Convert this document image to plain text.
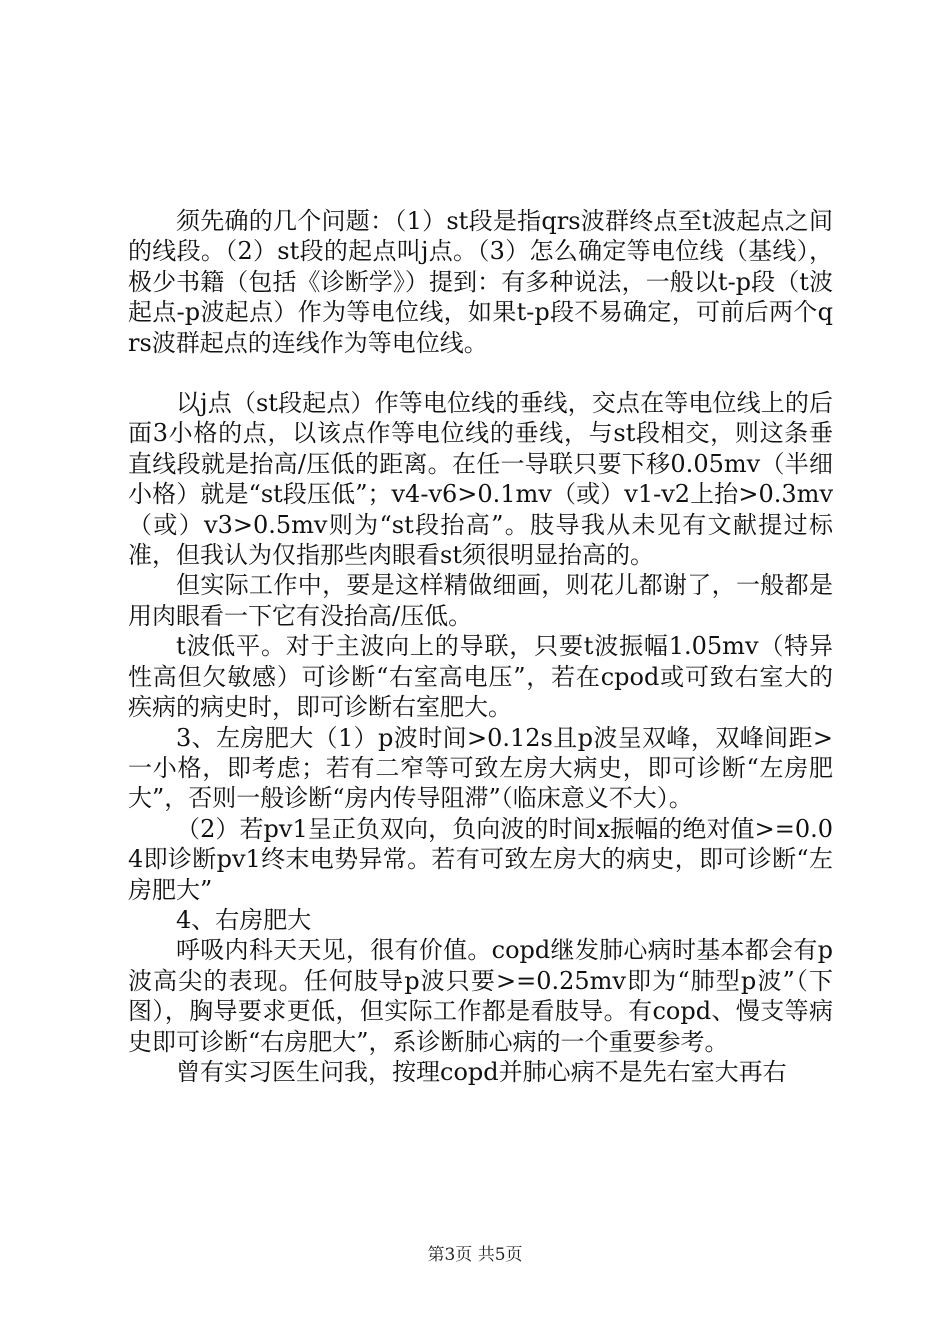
须先确的几个问题：（1）st段是指qrs波群终点至t波起点之间的线段。（2）st段的起点叫j点。（3）怎么确定等电位线（基线），极少书籍（包括《诊断学》）提到：有多种说法，一般以t-p段（t波起点-p波起点）作为等电位线，如果t-p段不易确定，可前后两个qrs波群起点的连线作为等电位线。

以j点（st段起点）作等电位线的垂线，交点在等电位线上的后面3小格的点，以该点作等电位线的垂线，与st段相交，则这条垂直线段就是抬高/压低的距离。在任一导联只要下移0.05mv（半细小格）就是“st段压低”；v4-v6>0.1mv（或）v1-v2上抬>0.3mv（或）v3>0.5mv则为“st段抬高”。肢导我从未见有文献提过标准，但我认为仅指那些肉眼看st须很明显抬高的。

但实际工作中，要是这样精做细画，则花儿都谢了，一般都是用肉眼看一下它有没抬高/压低。

t波低平。对于主波向上的导联，只要t波振幅1.05mv（特异性高但欠敏感）可诊断“右室高电压”，若在cpod或可致右室大的疾病的病史时，即可诊断右室肥大。

3、左房肥大（1）p波时间>0.12s且p波呈双峰，双峰间距>一小格，即考虑；若有二窄等可致左房大病史，即可诊断“左房肥大”，否则一般诊断“房内传导阻滞”（临床意义不大）。

（2）若pv1呈正负双向，负向波的时间x振幅的绝对值>=0.04即诊断pv1终末电势异常。若有可致左房大的病史，即可诊断“左房肥大”

4、右房肥大

呼吸内科天天见，很有价值。copd继发肺心病时基本都会有p波高尖的表现。任何肢导p波只要>=0.25mv即为“肺型p波”（下图），胸导要求更低，但实际工作都是看肢导。有copd、慢支等病史即可诊断“右房肥大”，系诊断肺心病的一个重要参考。

曾有实习医生问我，按理copd并肺心病不是先右室大再右

第3页 共5页
